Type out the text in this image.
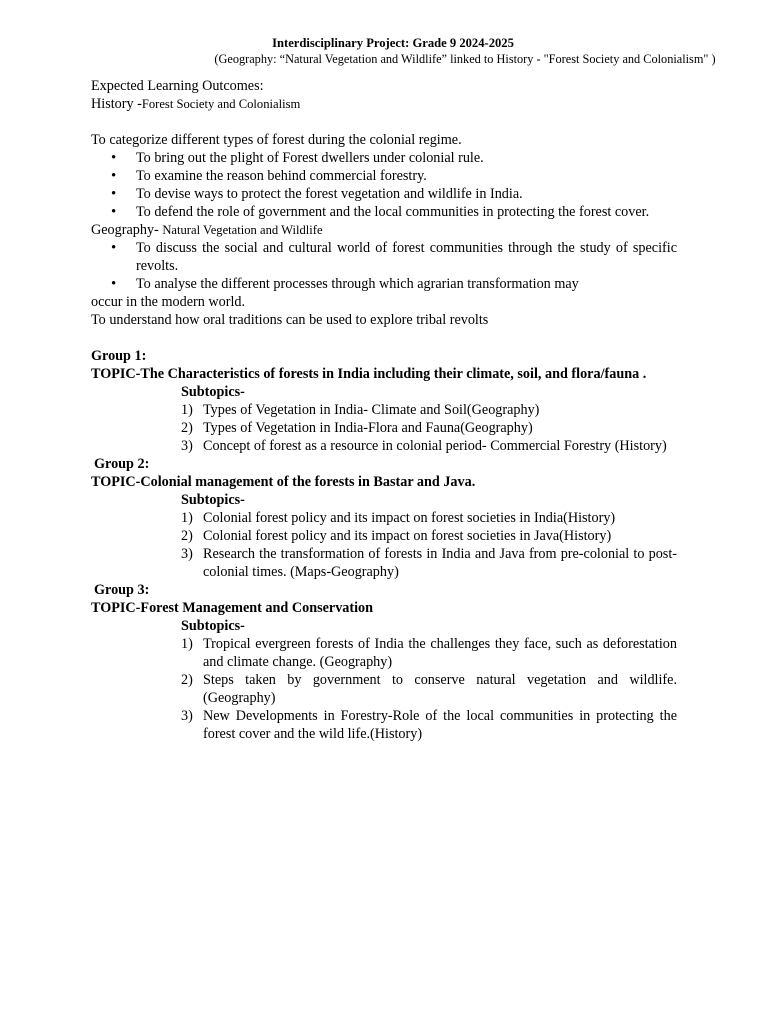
Interdisciplinary Project: Grade 9 2024-2025
(Geography: “Natural Vegetation and Wildlife” linked to History - "Forest Society and Colonialism" )
Expected Learning Outcomes:
History -Forest Society and Colonialism
To categorize different types of forest during the colonial regime.
• To bring out the plight of Forest dwellers under colonial rule.
• To examine the reason behind commercial forestry.
• To devise ways to protect the forest vegetation and wildlife in India.
• To defend the role of government and the local communities in protecting the forest cover.
Geography- Natural Vegetation and Wildlife
• To discuss the social and cultural world of forest communities through the study of specific revolts.
• To analyse the different processes through which agrarian transformation may
occur in the modern world.
To understand how oral traditions can be used to explore tribal revolts
Group 1:
TOPIC-The Characteristics of forests in India including their climate, soil, and flora/fauna .
Subtopics-
1) Types of Vegetation in India- Climate and Soil(Geography)
2) Types of Vegetation in India-Flora and Fauna(Geography)
3) Concept of forest as a resource in colonial period- Commercial Forestry (History)
Group 2:
TOPIC-Colonial management of the forests in Bastar and Java.
Subtopics-
1) Colonial forest policy and its impact on forest societies in India(History)
2) Colonial forest policy and its impact on forest societies in Java(History)
3) Research the transformation of forests in India and Java from pre-colonial to post-colonial times. (Maps-Geography)
Group 3:
TOPIC-Forest Management and Conservation
Subtopics-
1) Tropical evergreen forests of India the challenges they face, such as deforestation and climate change. (Geography)
2) Steps taken by government to conserve natural vegetation and wildlife. (Geography)
3) New Developments in Forestry-Role of the local communities in protecting the forest cover and the wild life.(History)
